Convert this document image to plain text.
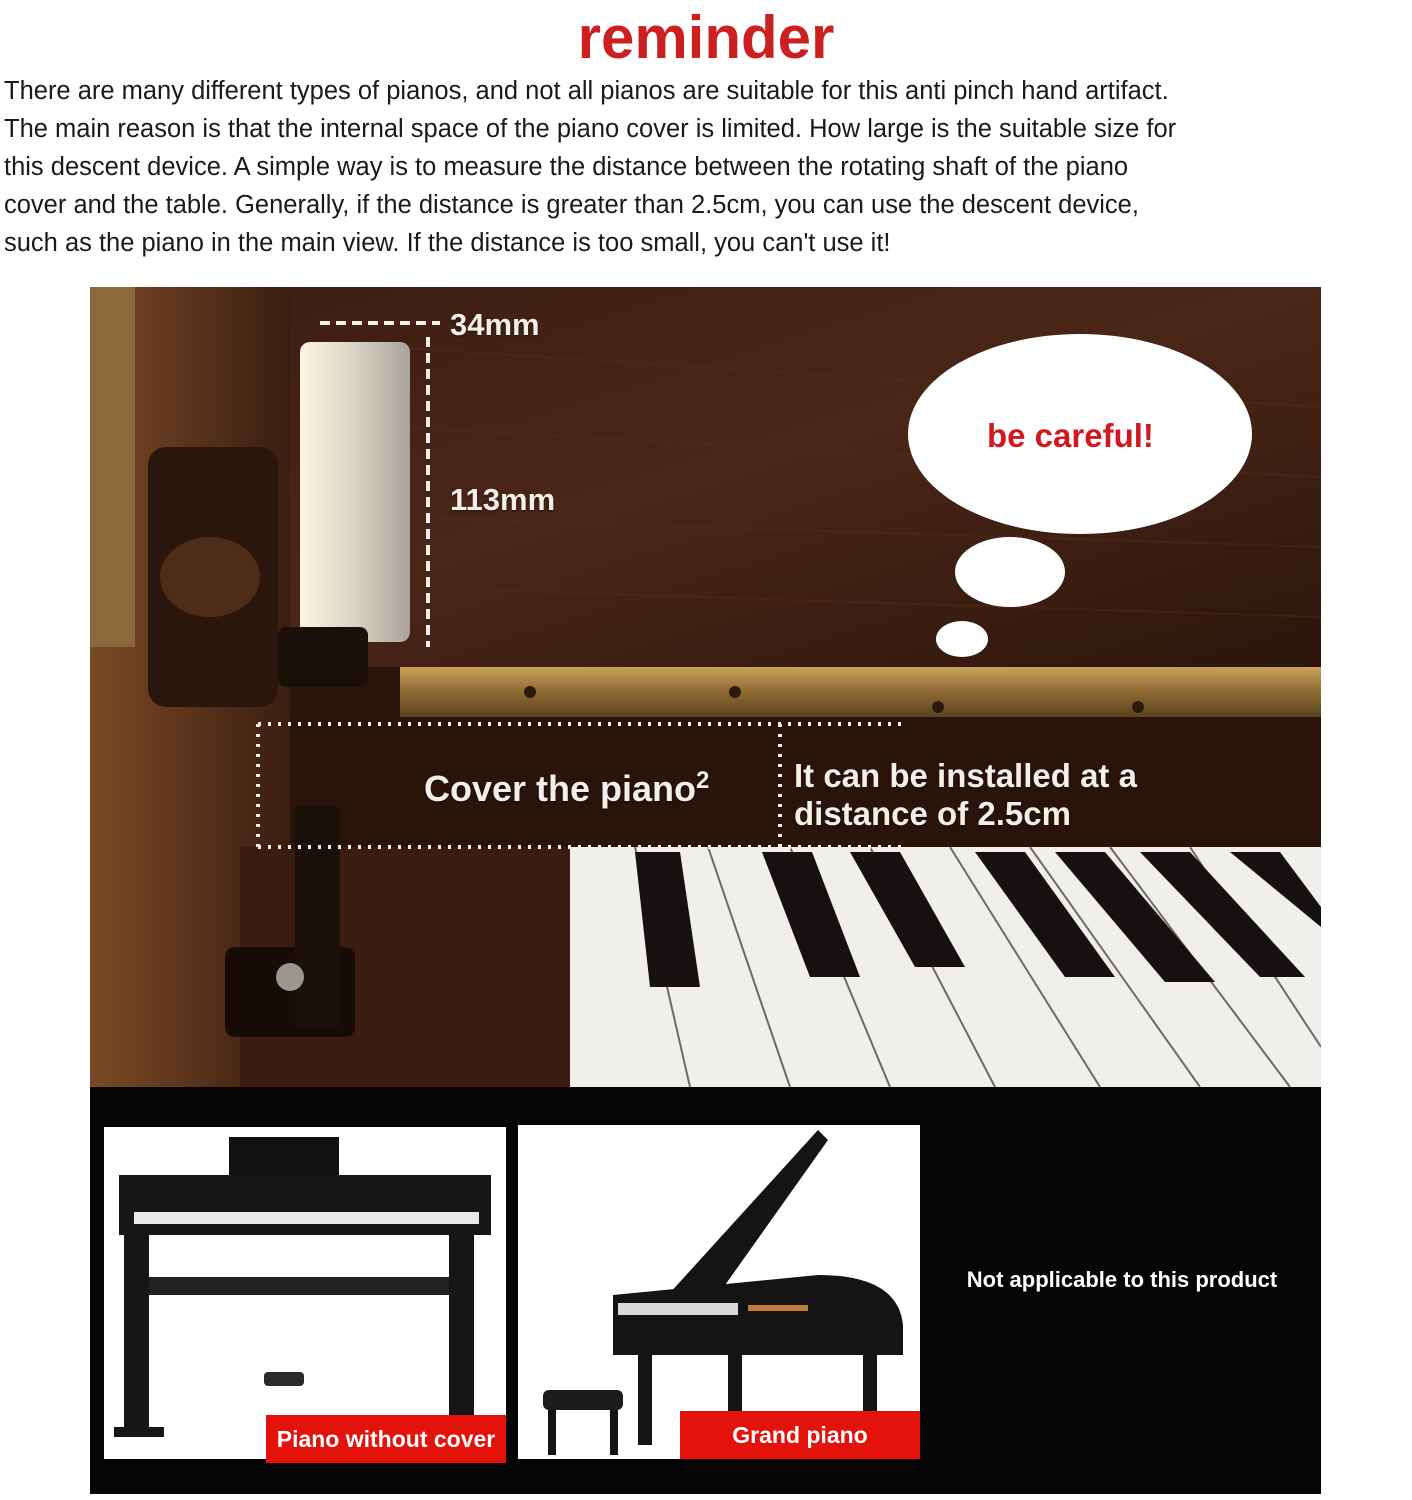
reminder
There are many different types of pianos, and not all pianos are suitable for this anti pinch hand artifact.
The main reason is that the internal space of the piano cover is limited. How large is the suitable size for
this descent device. A simple way is to measure the distance between the rotating shaft of the piano
cover and the table. Generally, if the distance is greater than 2.5cm, you can use the descent device,
such as the piano in the main view. If the distance is too small, you can't use it!
34mm
113mm
be careful!
Cover the piano$^2$	It can be installed at a
distance of 2.5cm
Piano without cover	Grand piano
Not applicable to this product
